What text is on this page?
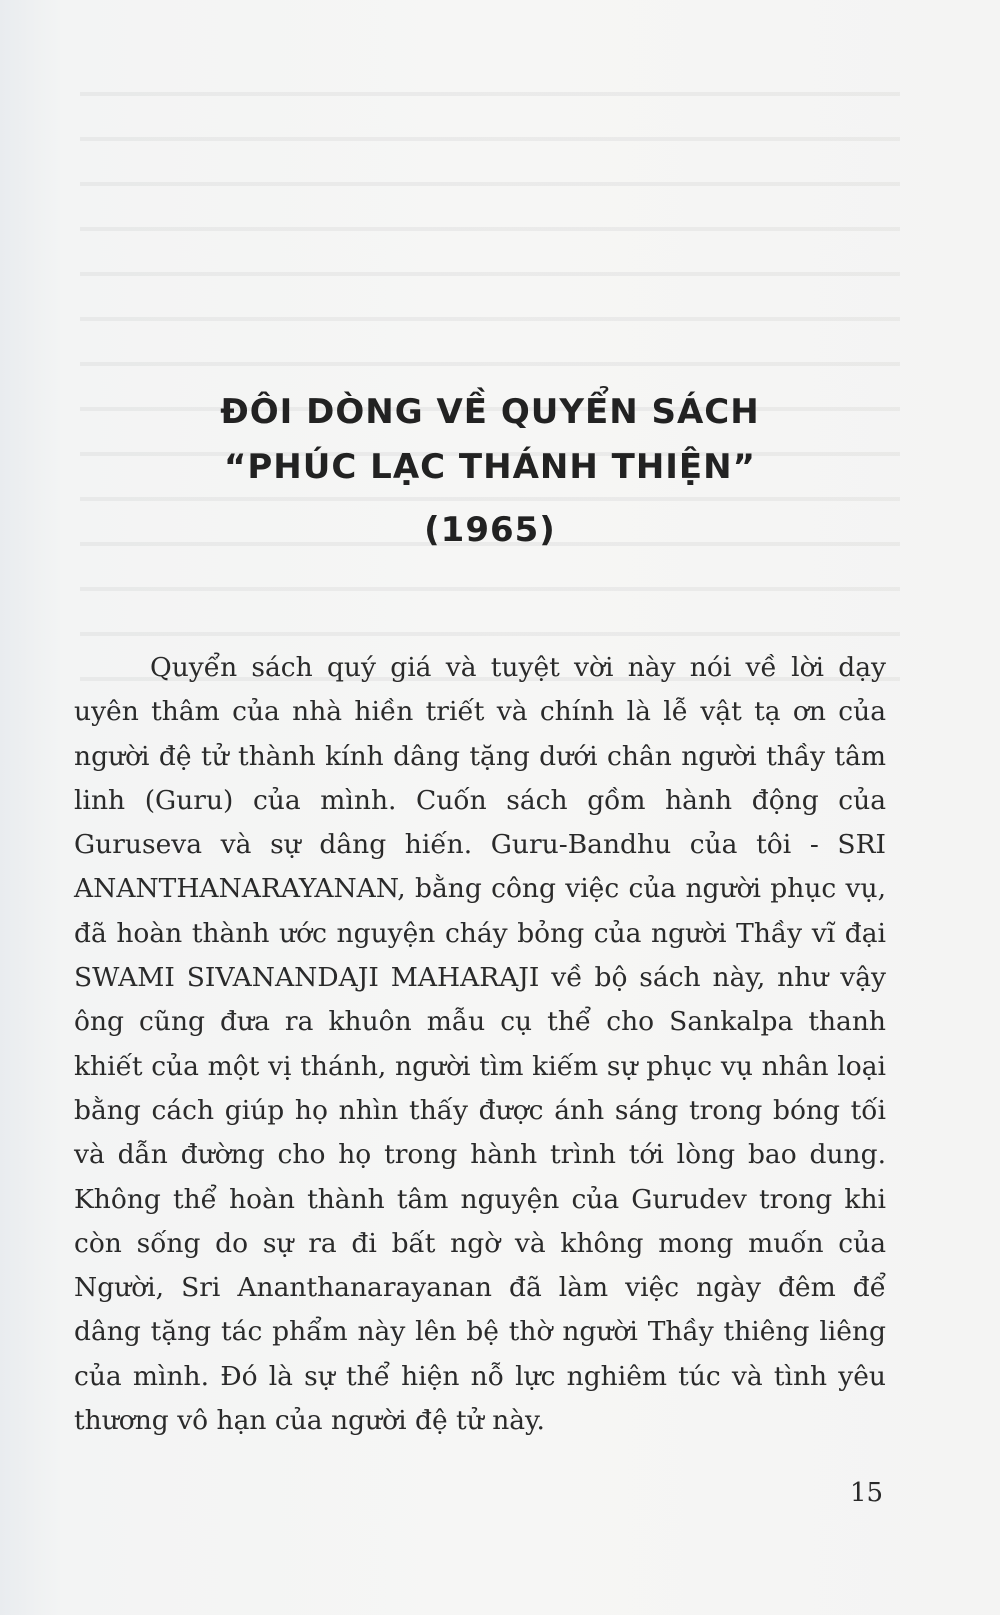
ĐÔI DÒNG VỀ QUYỂN SÁCH
“PHÚC LẠC THÁNH THIỆN”
(1965)

Quyển sách quý giá và tuyệt vời này nói về lời dạy uyên thâm của nhà hiền triết và chính là lễ vật tạ ơn của người đệ tử thành kính dâng tặng dưới chân người thầy tâm linh (Guru) của mình. Cuốn sách gồm hành động của Guruseva và sự dâng hiến. Guru-Bandhu của tôi - SRI ANANTHANARAYANAN, bằng công việc của người phục vụ, đã hoàn thành ước nguyện cháy bỏng của người Thầy vĩ đại SWAMI SIVANANDAJI MAHARAJI về bộ sách này, như vậy ông cũng đưa ra khuôn mẫu cụ thể cho Sankalpa thanh khiết của một vị thánh, người tìm kiếm sự phục vụ nhân loại bằng cách giúp họ nhìn thấy được ánh sáng trong bóng tối và dẫn đường cho họ trong hành trình tới lòng bao dung. Không thể hoàn thành tâm nguyện của Gurudev trong khi còn sống do sự ra đi bất ngờ và không mong muốn của Người, Sri Ananthanarayanan đã làm việc ngày đêm để dâng tặng tác phẩm này lên bệ thờ người Thầy thiêng liêng của mình. Đó là sự thể hiện nỗ lực nghiêm túc và tình yêu thương vô hạn của người đệ tử này.

15
